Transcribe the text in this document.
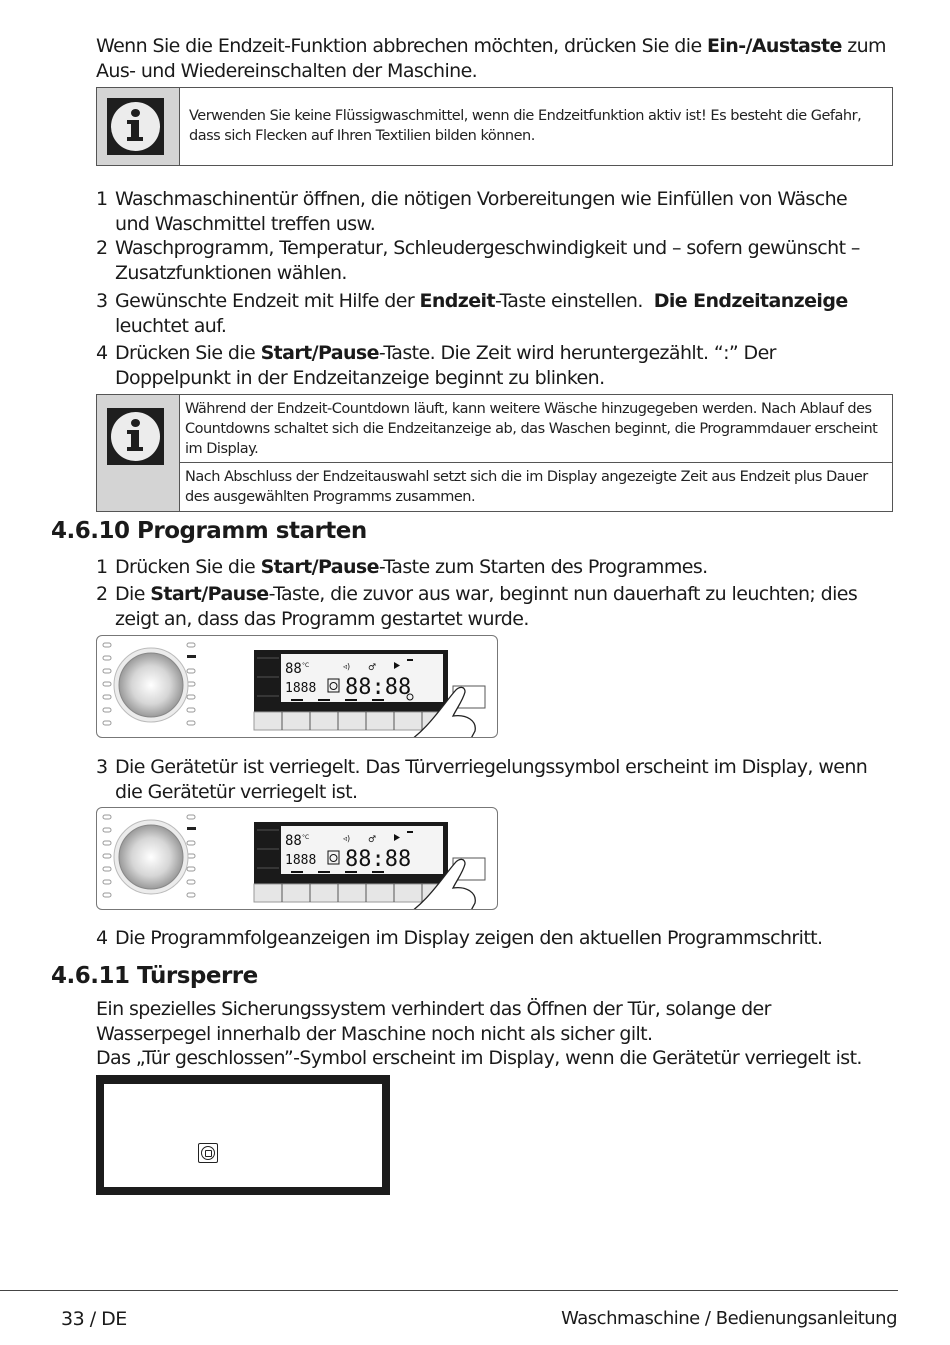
Wenn Sie die Endzeit-Funktion abbrechen möchten, drücken Sie die Ein-/Austaste zum Aus- und Wiedereinschalten der Maschine.
Verwenden Sie keine Flüssigwaschmittel, wenn die Endzeitfunktion aktiv ist! Es besteht die Gefahr, dass sich Flecken auf Ihren Textilien bilden können.
1 Waschmaschinentür öffnen, die nötigen Vorbereitungen wie Einfüllen von Wäsche und Waschmittel treffen usw.
2 Waschprogramm, Temperatur, Schleudergeschwindigkeit und – sofern gewünscht – Zusatzfunktionen wählen.
3 Gewünschte Endzeit mit Hilfe der Endzeit-Taste einstellen.  Die Endzeitanzeige leuchtet auf.
4 Drücken Sie die Start/Pause-Taste. Die Zeit wird heruntergezählt. “:” Der Doppelpunkt in der Endzeitanzeige beginnt zu blinken.
Während der Endzeit-Countdown läuft, kann weitere Wäsche hinzugegeben werden. Nach Ablauf des Countdowns schaltet sich die Endzeitanzeige ab, das Waschen beginnt, die Programmdauer erscheint im Display.
Nach Abschluss der Endzeitauswahl setzt sich die im Display angezeigte Zeit aus Endzeit plus Dauer des ausgewählten Programms zusammen.
4.6.10 Programm starten
1 Drücken Sie die Start/Pause-Taste zum Starten des Programmes.
2 Die Start/Pause-Taste, die zuvor aus war, beginnt nun dauerhaft zu leuchten; dies zeigt an, dass das Programm gestartet wurde.
88 °C
1888 88:88
◃) ♂
3 Die Gerätetür ist verriegelt. Das Türverriegelungssymbol erscheint im Display, wenn die Gerätetür verriegelt ist.
88 °C
1888 88:88
◃) ♂
4 Die Programmfolgeanzeigen im Display zeigen den aktuellen Programmschritt.
4.6.11 Türsperre
Ein spezielles Sicherungssystem verhindert das Öffnen der Tür, solange der Wasserpegel innerhalb der Maschine noch nicht als sicher gilt.
Das „Tür geschlossen”-Symbol erscheint im Display, wenn die Gerätetür verriegelt ist.
33 / DE	Waschmaschine / Bedienungsanleitung
